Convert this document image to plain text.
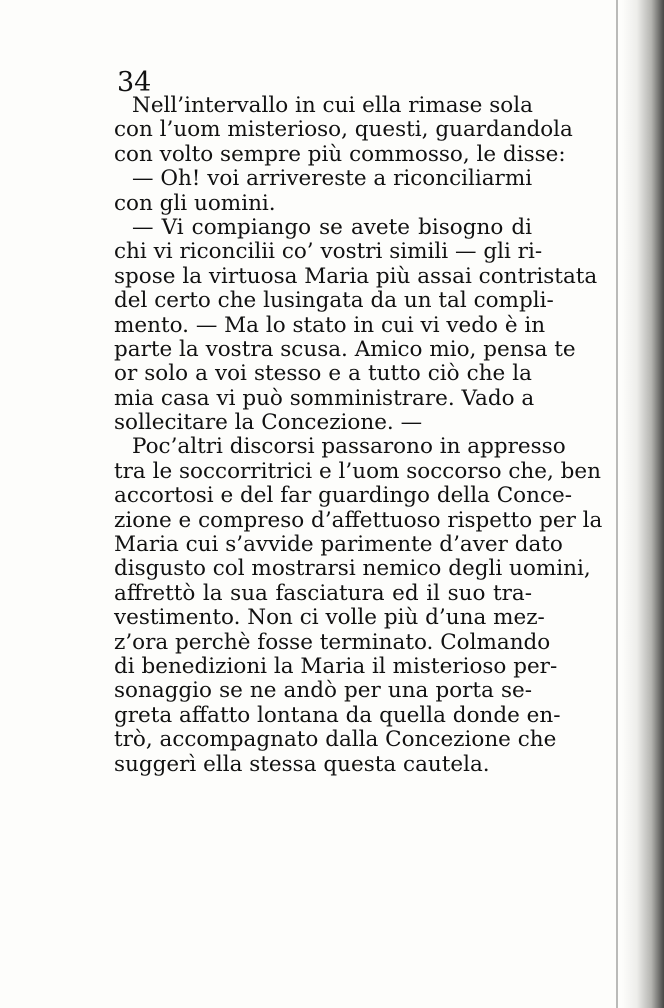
34
Nell’intervallo in cui ella rimase sola
con l’uom misterioso, questi, guardandola
con volto sempre più commosso, le disse:
— Oh! voi arrivereste a riconciliarmi
con gli uomini.
— Vi compiango se avete bisogno di
chi vi riconcilii co’ vostri simili — gli ri-
spose la virtuosa Maria più assai contristata
del certo che lusingata da un tal compli-
mento. — Ma lo stato in cui vi vedo è in
parte la vostra scusa. Amico mio, pensa te
or solo a voi stesso e a tutto ciò che la
mia casa vi può somministrare. Vado a
sollecitare la Concezione. —
Poc’altri discorsi passarono in appresso
tra le soccorritrici e l’uom soccorso che, ben
accortosi e del far guardingo della Conce-
zione e compreso d’affettuoso rispetto per la
Maria cui s’avvide parimente d’aver dato
disgusto col mostrarsi nemico degli uomini,
affrettò la sua fasciatura ed il suo tra-
vestimento. Non ci volle più d’una mez-
z’ora perchè fosse terminato. Colmando
di benedizioni la Maria il misterioso per-
sonaggio se ne andò per una porta se-
greta affatto lontana da quella donde en-
trò, accompagnato dalla Concezione che
suggerì ella stessa questa cautela.
